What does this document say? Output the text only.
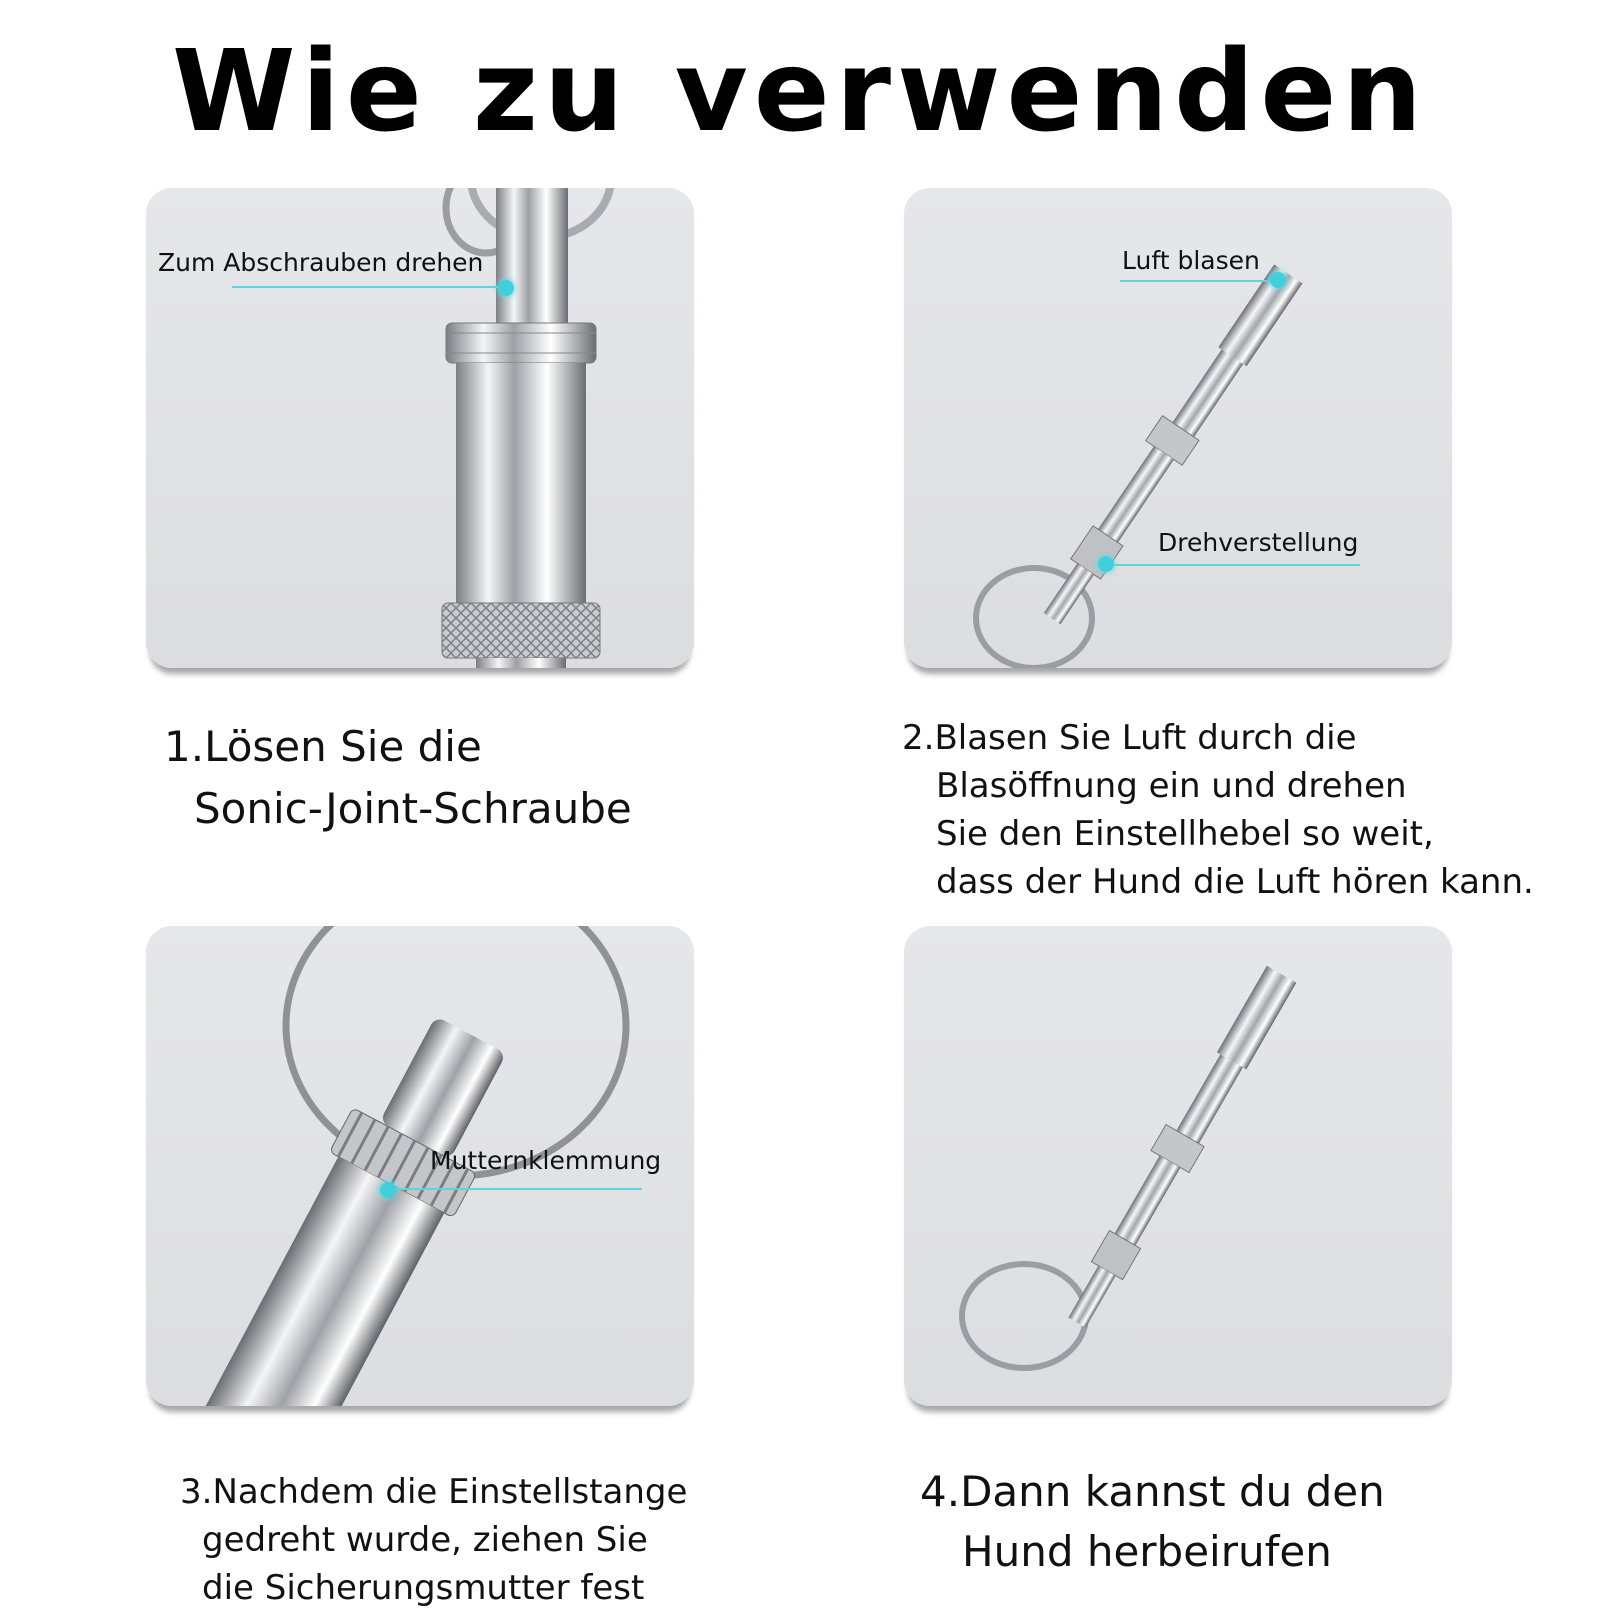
Wie zu verwenden
Zum Abschrauben drehen	Luft blasen
Drehverstellung
1.Lösen Sie die
Sonic-Joint-Schraube
2.Blasen Sie Luft durch die
Blasöffnung ein und drehen
Sie den Einstellhebel so weit,
dass der Hund die Luft hören kann.
Mutternklemmung
3.Nachdem die Einstellstange
gedreht wurde, ziehen Sie
die Sicherungsmutter fest
4.Dann kannst du den
Hund herbeirufen
